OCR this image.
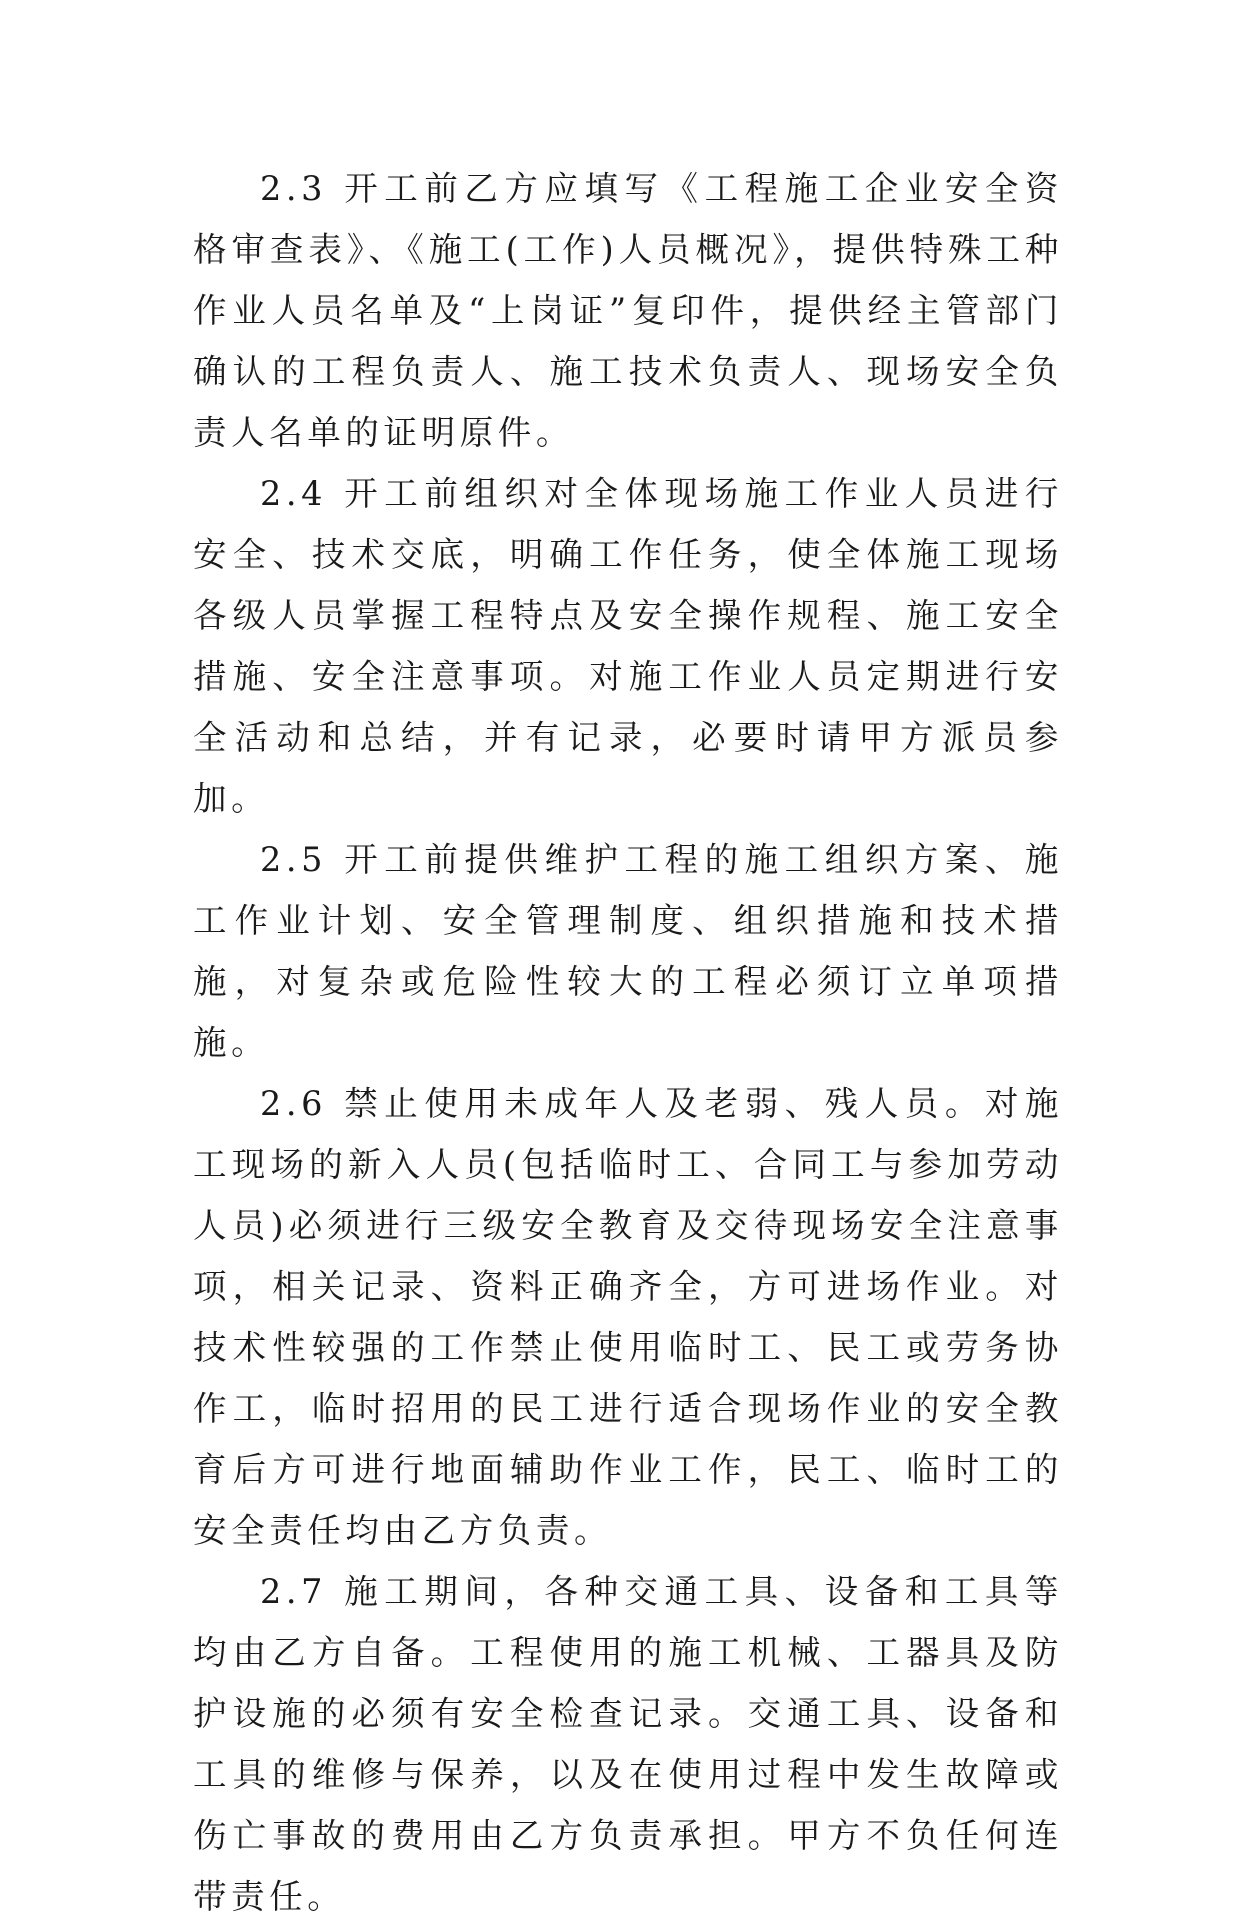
2.3 开工前乙方应填写《工程施工企业安全资格审查表》、《施工(工作)人员概况》，提供特殊工种作业人员名单及“上岗证”复印件，提供经主管部门确认的工程负责人、施工技术负责人、现场安全负责人名单的证明原件。

2.4 开工前组织对全体现场施工作业人员进行安全、技术交底，明确工作任务，使全体施工现场各级人员掌握工程特点及安全操作规程、施工安全措施、安全注意事项。对施工作业人员定期进行安全活动和总结，并有记录，必要时请甲方派员参加。

2.5 开工前提供维护工程的施工组织方案、施工作业计划、安全管理制度、组织措施和技术措施，对复杂或危险性较大的工程必须订立单项措施。

2.6 禁止使用未成年人及老弱、残人员。对施工现场的新入人员(包括临时工、合同工与参加劳动人员)必须进行三级安全教育及交待现场安全注意事项，相关记录、资料正确齐全，方可进场作业。对技术性较强的工作禁止使用临时工、民工或劳务协作工，临时招用的民工进行适合现场作业的安全教育后方可进行地面辅助作业工作，民工、临时工的安全责任均由乙方负责。

2.7 施工期间，各种交通工具、设备和工具等均由乙方自备。工程使用的施工机械、工器具及防护设施的必须有安全检查记录。交通工具、设备和工具的维修与保养，以及在使用过程中发生故障或伤亡事故的费用由乙方负责承担。甲方不负任何连带责任。
